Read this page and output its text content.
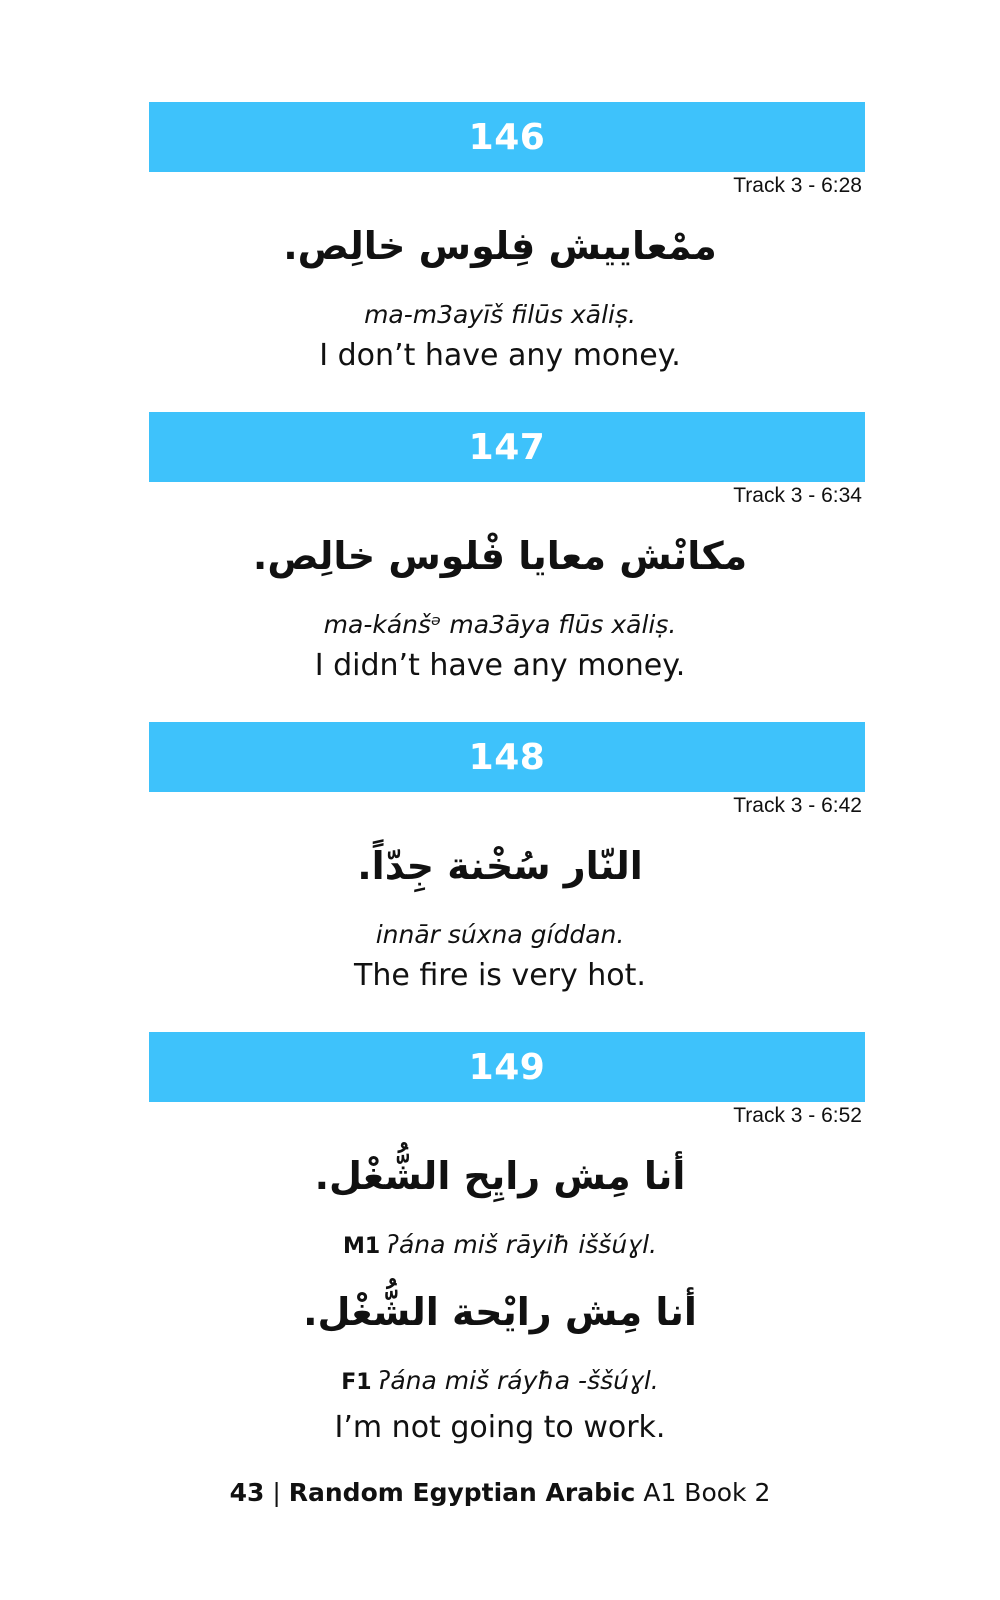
146
Track 3 - 6:28
ممْعاييش فِلوس خالِص.
ma-m3ayīš filūs xāliṣ.
I don’t have any money.
147
Track 3 - 6:34
مكانْش معايا فْلوس خالِص.
ma-kánšᵊ ma3āya flūs xāliṣ.
I didn’t have any money.
148
Track 3 - 6:42
النّار سُخْنة جِدّاً.
innār súxna gíddan.
The fire is very hot.
149
Track 3 - 6:52
أنا مِش رايِح الشُّغْل.
M1 ʔána miš rāyiħ iššúɣl.
أنا مِش رايْحة الشُّغْل.
F1 ʔána miš ráyħa -ššúɣl.
I’m not going to work.
43 | Random Egyptian Arabic A1 Book 2
